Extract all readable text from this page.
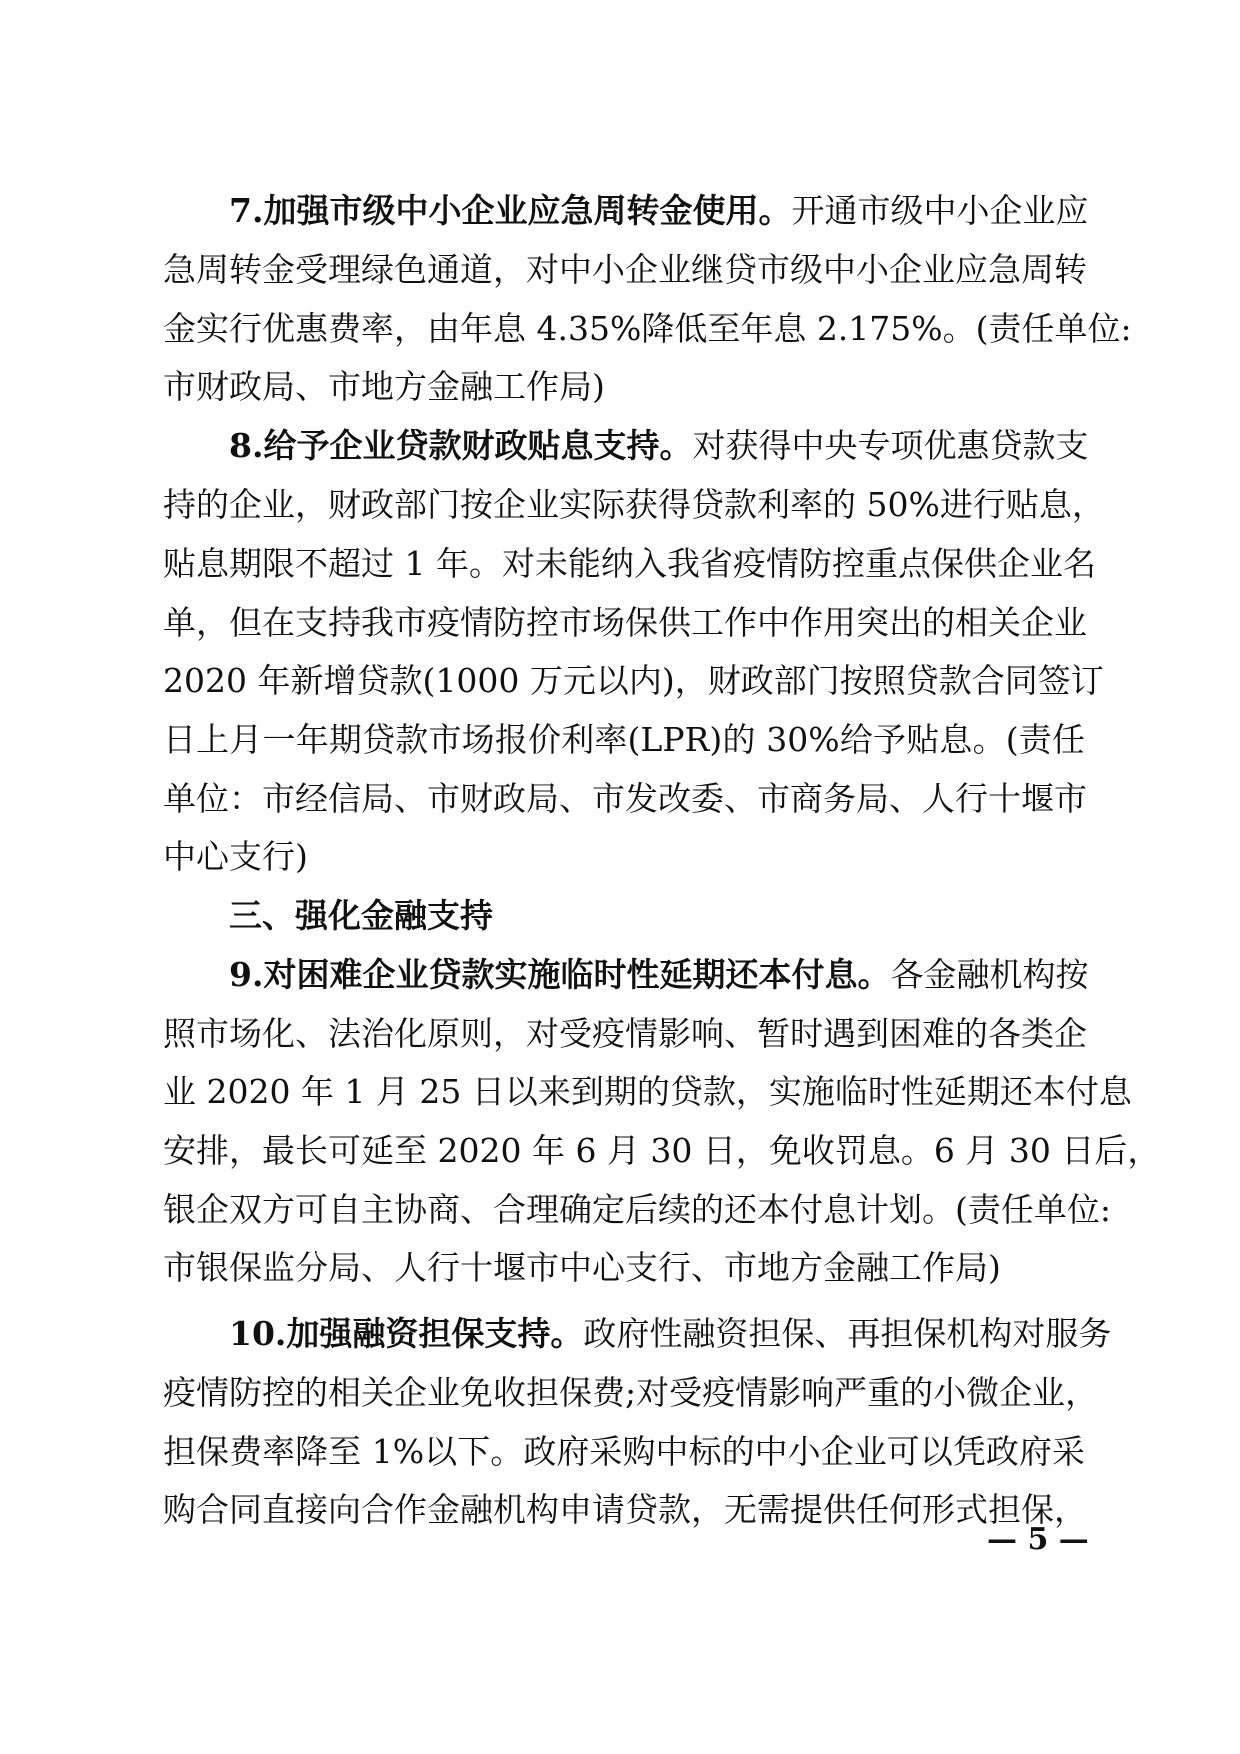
7.加强市级中小企业应急周转金使用。开通市级中小企业应
急周转金受理绿色通道，对中小企业继贷市级中小企业应急周转
金实行优惠费率，由年息 4.35%降低至年息 2.175%。(责任单位:
市财政局、市地方金融工作局)
8.给予企业贷款财政贴息支持。对获得中央专项优惠贷款支
持的企业，财政部门按企业实际获得贷款利率的 50%进行贴息，
贴息期限不超过 1 年。对未能纳入我省疫情防控重点保供企业名
单，但在支持我市疫情防控市场保供工作中作用突出的相关企业
2020 年新增贷款(1000 万元以内)，财政部门按照贷款合同签订
日上月一年期贷款市场报价利率(LPR)的 30%给予贴息。(责任
单位：市经信局、市财政局、市发改委、市商务局、人行十堰市
中心支行)
三、强化金融支持
9.对困难企业贷款实施临时性延期还本付息。各金融机构按
照市场化、法治化原则，对受疫情影响、暂时遇到困难的各类企
业 2020 年 1 月 25 日以来到期的贷款，实施临时性延期还本付息
安排，最长可延至 2020 年 6 月 30 日，免收罚息。6 月 30 日后，
银企双方可自主协商、合理确定后续的还本付息计划。(责任单位:
市银保监分局、人行十堰市中心支行、市地方金融工作局)
10.加强融资担保支持。政府性融资担保、再担保机构对服务
疫情防控的相关企业免收担保费;对受疫情影响严重的小微企业，
担保费率降至 1%以下。政府采购中标的中小企业可以凭政府采
购合同直接向合作金融机构申请贷款，无需提供任何形式担保，
— 5 —
